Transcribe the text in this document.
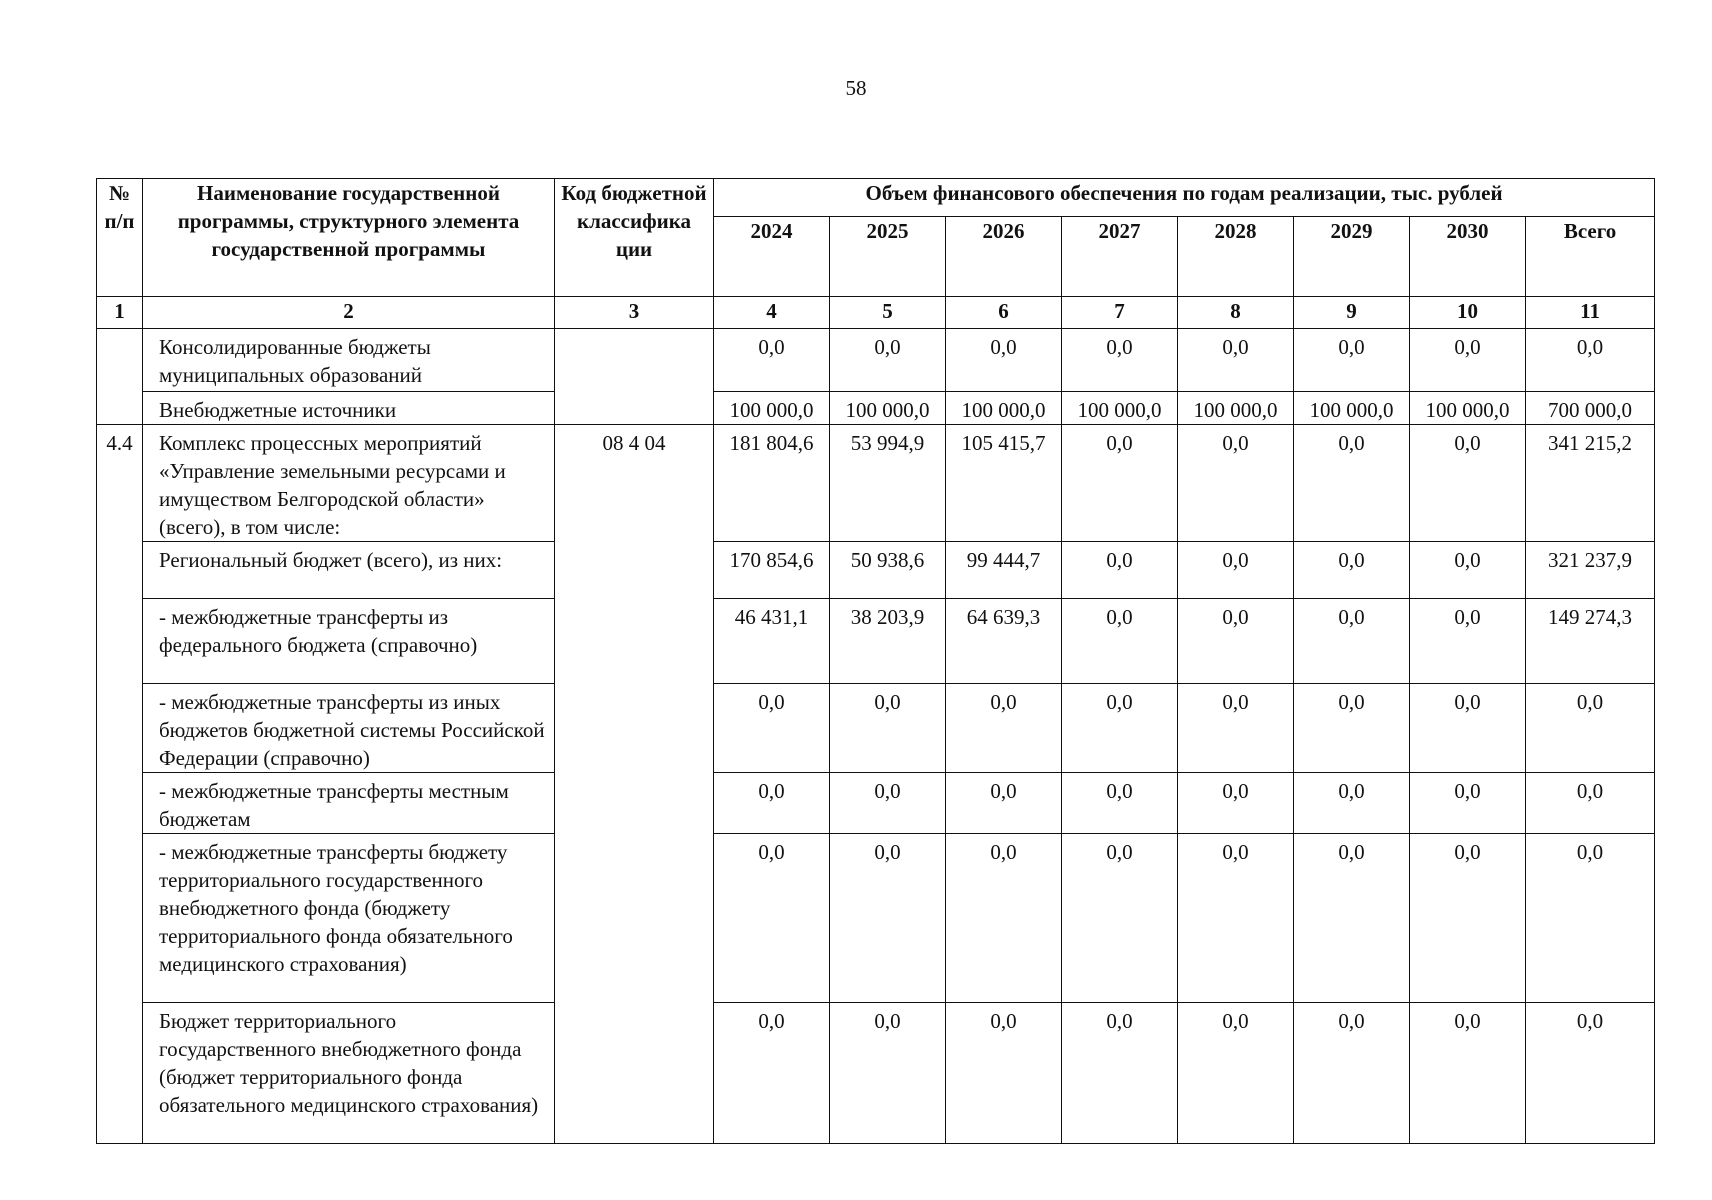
58
№ п/п	Наименование государственной программы, структурного элемента государственной программы	Код бюджетной классифика ции	Объем финансового обеспечения по годам реализации, тыс. рублей							
			2024	2025	2026	2027	2028	2029	2030	Всего
1	2	3	4	5	6	7	8	9	10	11
	Консолидированные бюджеты муниципальных образований		0,0	0,0	0,0	0,0	0,0	0,0	0,0	0,0
	Внебюджетные источники		100 000,0	100 000,0	100 000,0	100 000,0	100 000,0	100 000,0	100 000,0	700 000,0
4.4	Комплекс процессных мероприятий «Управление земельными ресурсами и имуществом Белгородской области» (всего), в том числе:	08 4 04	181 804,6	53 994,9	105 415,7	0,0	0,0	0,0	0,0	341 215,2
	Региональный бюджет (всего), из них:		170 854,6	50 938,6	99 444,7	0,0	0,0	0,0	0,0	321 237,9
	- межбюджетные трансферты из федерального бюджета (справочно)		46 431,1	38 203,9	64 639,3	0,0	0,0	0,0	0,0	149 274,3
	- межбюджетные трансферты из иных бюджетов бюджетной системы Российской Федерации (справочно)		0,0	0,0	0,0	0,0	0,0	0,0	0,0	0,0
	- межбюджетные трансферты местным бюджетам		0,0	0,0	0,0	0,0	0,0	0,0	0,0	0,0
	- межбюджетные трансферты бюджету территориального государственного внебюджетного фонда (бюджету территориального фонда обязательного медицинского страхования)		0,0	0,0	0,0	0,0	0,0	0,0	0,0	0,0
	Бюджет территориального государственного внебюджетного фонда (бюджет территориального фонда обязательного медицинского страхования)		0,0	0,0	0,0	0,0	0,0	0,0	0,0	0,0
